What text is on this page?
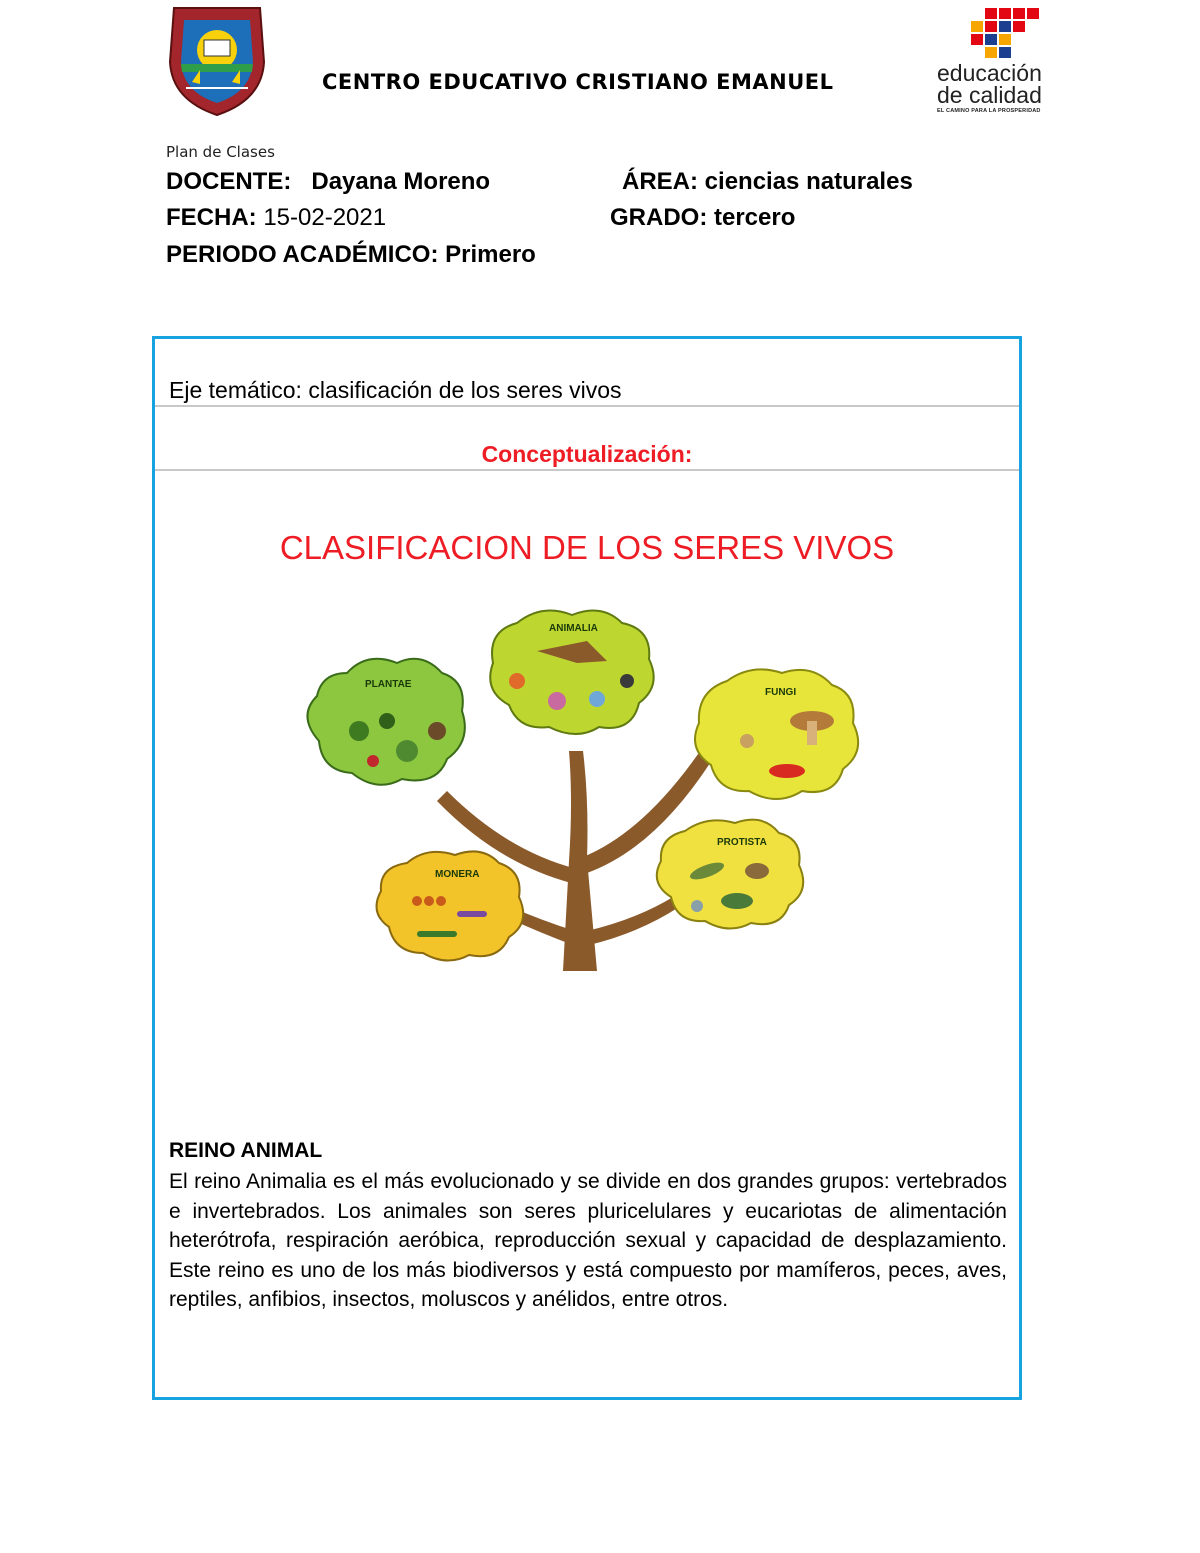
CENTRO EDUCATIVO CRISTIANO EMANUEL	educación
de calidad
EL CAMINO PARA LA PROSPERIDAD
Plan de Clases
DOCENTE: Dayana Moreno	ÁREA: ciencias naturales
FECHA: 15-02-2021	GRADO: tercero
PERIODO ACADÉMICO: Primero
Eje temático: clasificación de los seres vivos
Conceptualización:
CLASIFICACION DE LOS SERES VIVOS
PLANTAE
ANIMALIA
FUNGI
MONERA
PROTISTA
REINO ANIMAL
El reino Animalia es el más evolucionado y se divide en dos grandes grupos: vertebrados e invertebrados. Los animales son seres pluricelulares y eucariotas de alimentación heterótrofa, respiración aeróbica, reproducción sexual y capacidad de desplazamiento. Este reino es uno de los más biodiversos y está compuesto por mamíferos, peces, aves, reptiles, anfibios, insectos, moluscos y anélidos, entre otros.
